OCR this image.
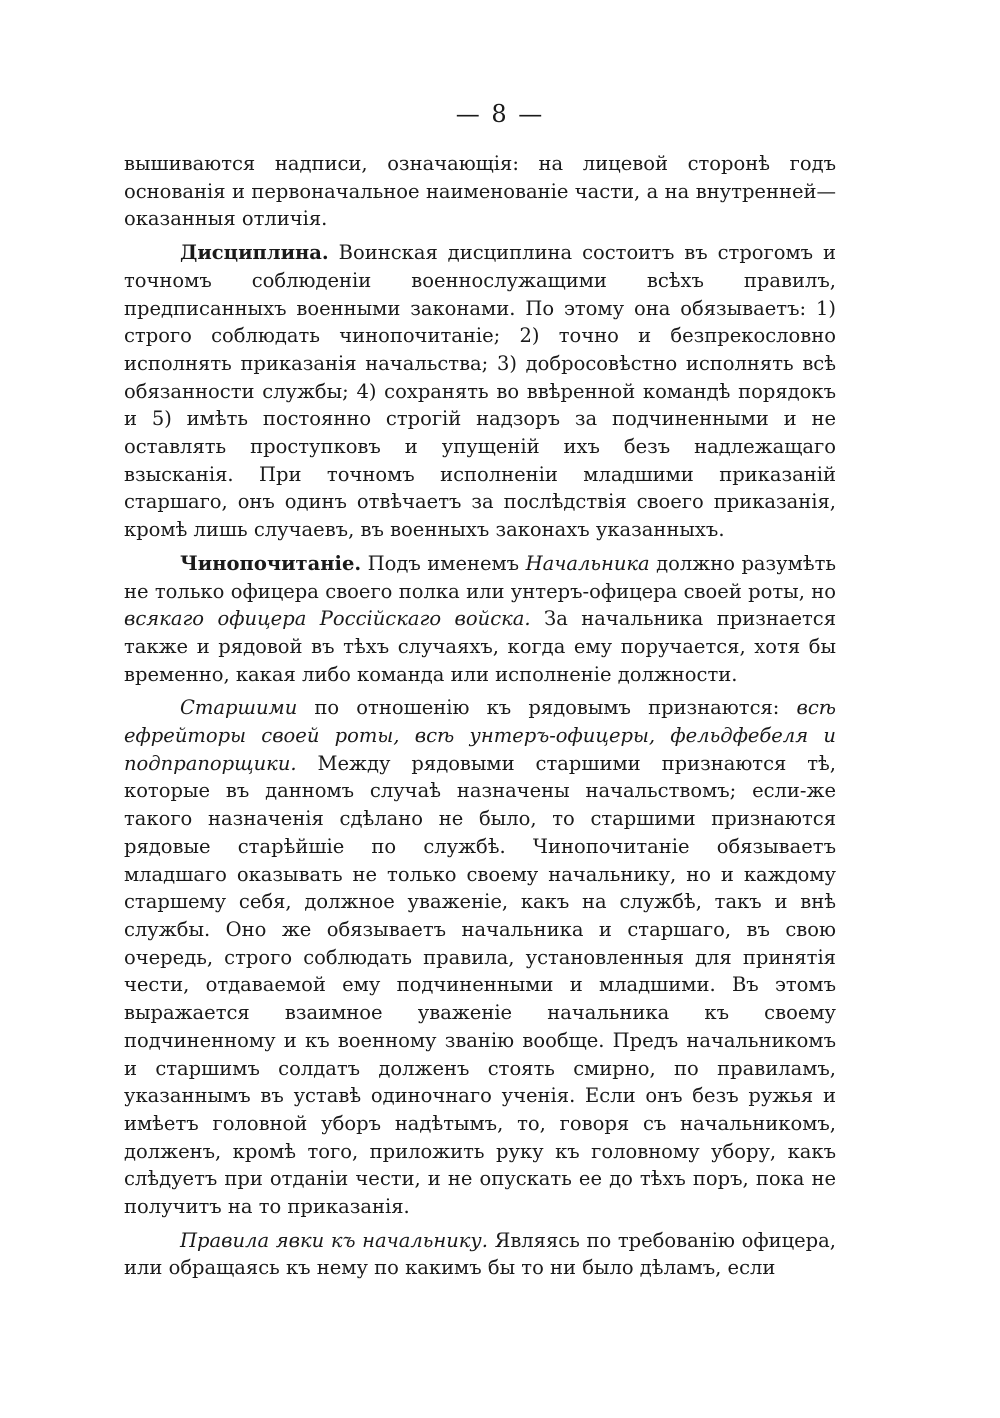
— 8 —

вышиваются надписи, означающія: на лицевой сторонѣ годъ основанія и первоначальное наименованіе части, а на внутренней—оказанныя отличія.

Дисциплина. Воинская дисциплина состоитъ въ строгомъ и точномъ соблюденіи военнослужащими всѣхъ правилъ, предписанныхъ военными законами. По этому она обязываетъ: 1) строго соблюдать чинопочитаніе; 2) точно и безпрекословно исполнять приказанія начальства; 3) добросовѣстно исполнять всѣ обязанности службы; 4) сохранять во ввѣренной командѣ порядокъ и 5) имѣть постоянно строгій надзоръ за подчиненными и не оставлять проступковъ и упущеній ихъ безъ надлежащаго взысканія. При точномъ исполненіи младшими приказаній старшаго, онъ одинъ отвѣчаетъ за послѣдствія своего приказанія, кромѣ лишь случаевъ, въ военныхъ законахъ указанныхъ.

Чинопочитаніе. Подъ именемъ Начальника должно разумѣть не только офицера своего полка или унтеръ-офицера своей роты, но всякаго офицера Россійскаго войска. За начальника признается также и рядовой въ тѣхъ случаяхъ, когда ему поручается, хотя бы временно, какая либо команда или исполненіе должности.

Старшими по отношенію къ рядовымъ признаются: всѣ ефрейторы своей роты, всѣ унтеръ-офицеры, фельдфебеля и подпрапорщики. Между рядовыми старшими признаются тѣ, которые въ данномъ случаѣ назначены начальствомъ; если-же такого назначенія сдѣлано не было, то старшими признаются рядовые старѣйшіе по службѣ. Чинопочитаніе обязываетъ младшаго оказывать не только своему начальнику, но и каждому старшему себя, должное уваженіе, какъ на службѣ, такъ и внѣ службы. Оно же обязываетъ начальника и старшаго, въ свою очередь, строго соблюдать правила, установленныя для принятія чести, отдаваемой ему подчиненными и младшими. Въ этомъ выражается взаимное уваженіе начальника къ своему подчиненному и къ военному званію вообще. Предъ начальникомъ и старшимъ солдатъ долженъ стоять смирно, по правиламъ, указаннымъ въ уставѣ одиночнаго ученія. Если онъ безъ ружья и имѣетъ головной уборъ надѣтымъ, то, говоря съ начальникомъ, долженъ, кромѣ того, приложить руку къ головному убору, какъ слѣдуетъ при отданіи чести, и не опускать ее до тѣхъ поръ, пока не получитъ на то приказанія.

Правила явки къ начальнику. Являясь по требованію офицера, или обращаясь къ нему по какимъ бы то ни было дѣламъ, если
